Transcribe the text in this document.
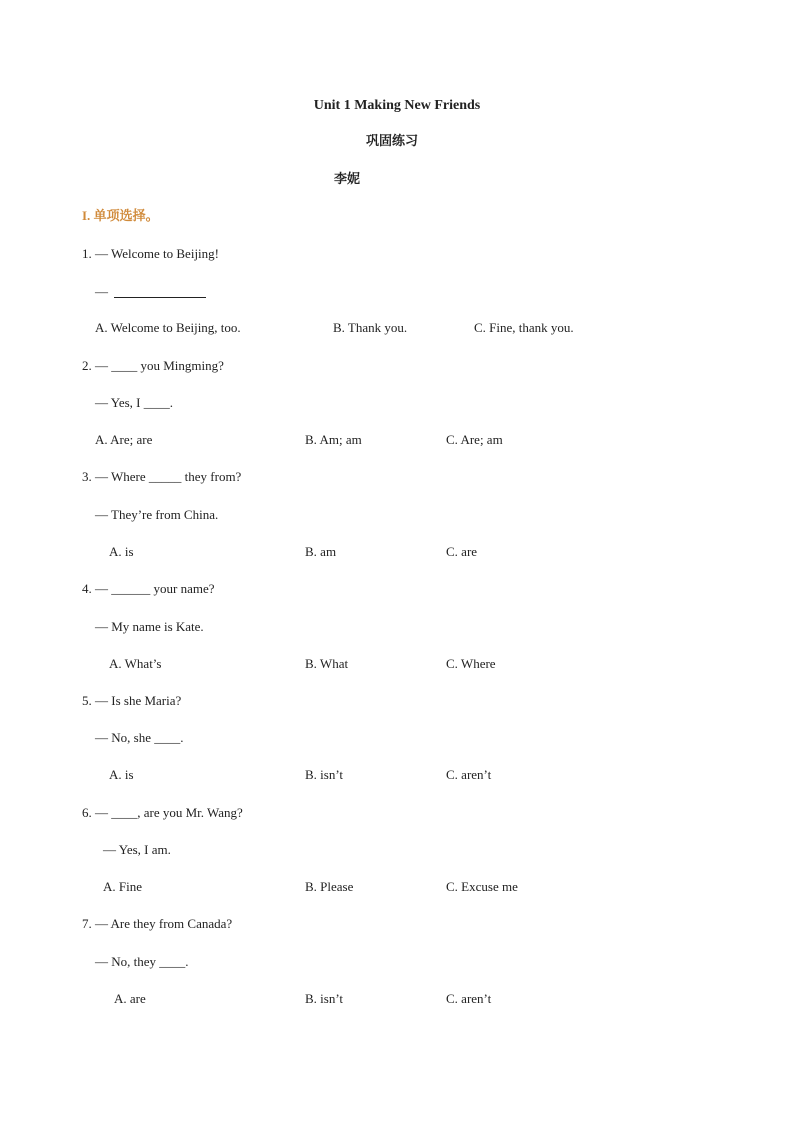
Unit 1 Making New Friends
巩固练习
李妮
I. 单项选择。
1. — Welcome to Beijing!
—
A. Welcome to Beijing, too.	B. Thank you.	C. Fine, thank you.
2. — ____ you Mingming?
— Yes, I ____.
A. Are; are	B. Am; am	C. Are; am
3. — Where _____ they from?
— They’re from China.
A. is	B. am	C. are
4. — ______ your name?
— My name is Kate.
A. What’s	B. What	C. Where
5. — Is she Maria?
— No, she ____.
A. is	B. isn’t	C. aren’t
6. — ____, are you Mr. Wang?
— Yes, I am.
A. Fine	B. Please	C. Excuse me
7. — Are they from Canada?
— No, they ____.
A. are	B. isn’t	C. aren’t
